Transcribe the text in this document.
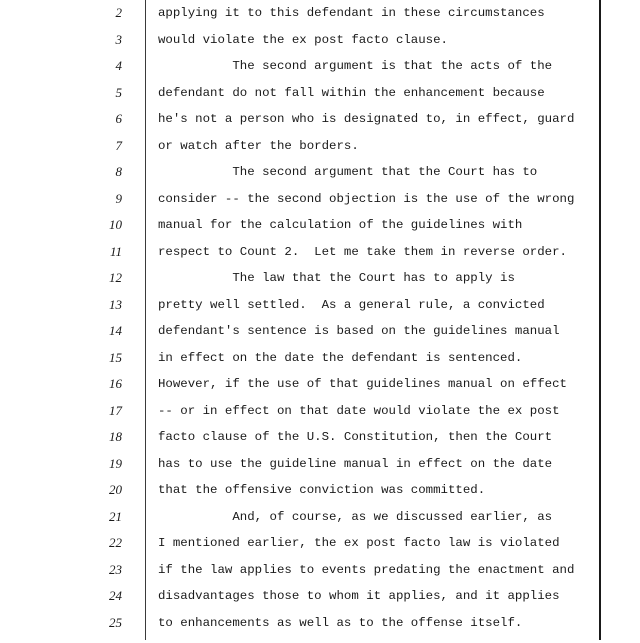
2	applying it to this defendant in these circumstances
3	would violate the ex post facto clause.
4	The second argument is that the acts of the
5	defendant do not fall within the enhancement because
6	he's not a person who is designated to, in effect, guard
7	or watch after the borders.
8	The second argument that the Court has to
9	consider -- the second objection is the use of the wrong
10	manual for the calculation of the guidelines with
11	respect to Count 2.  Let me take them in reverse order.
12	The law that the Court has to apply is
13	pretty well settled.  As a general rule, a convicted
14	defendant's sentence is based on the guidelines manual
15	in effect on the date the defendant is sentenced.
16	However, if the use of that guidelines manual on effect
17	-- or in effect on that date would violate the ex post
18	facto clause of the U.S. Constitution, then the Court
19	has to use the guideline manual in effect on the date
20	that the offensive conviction was committed.
21	And, of course, as we discussed earlier, as
22	I mentioned earlier, the ex post facto law is violated
23	if the law applies to events predating the enactment and
24	disadvantages those to whom it applies, and it applies
25	to enhancements as well as to the offense itself.
